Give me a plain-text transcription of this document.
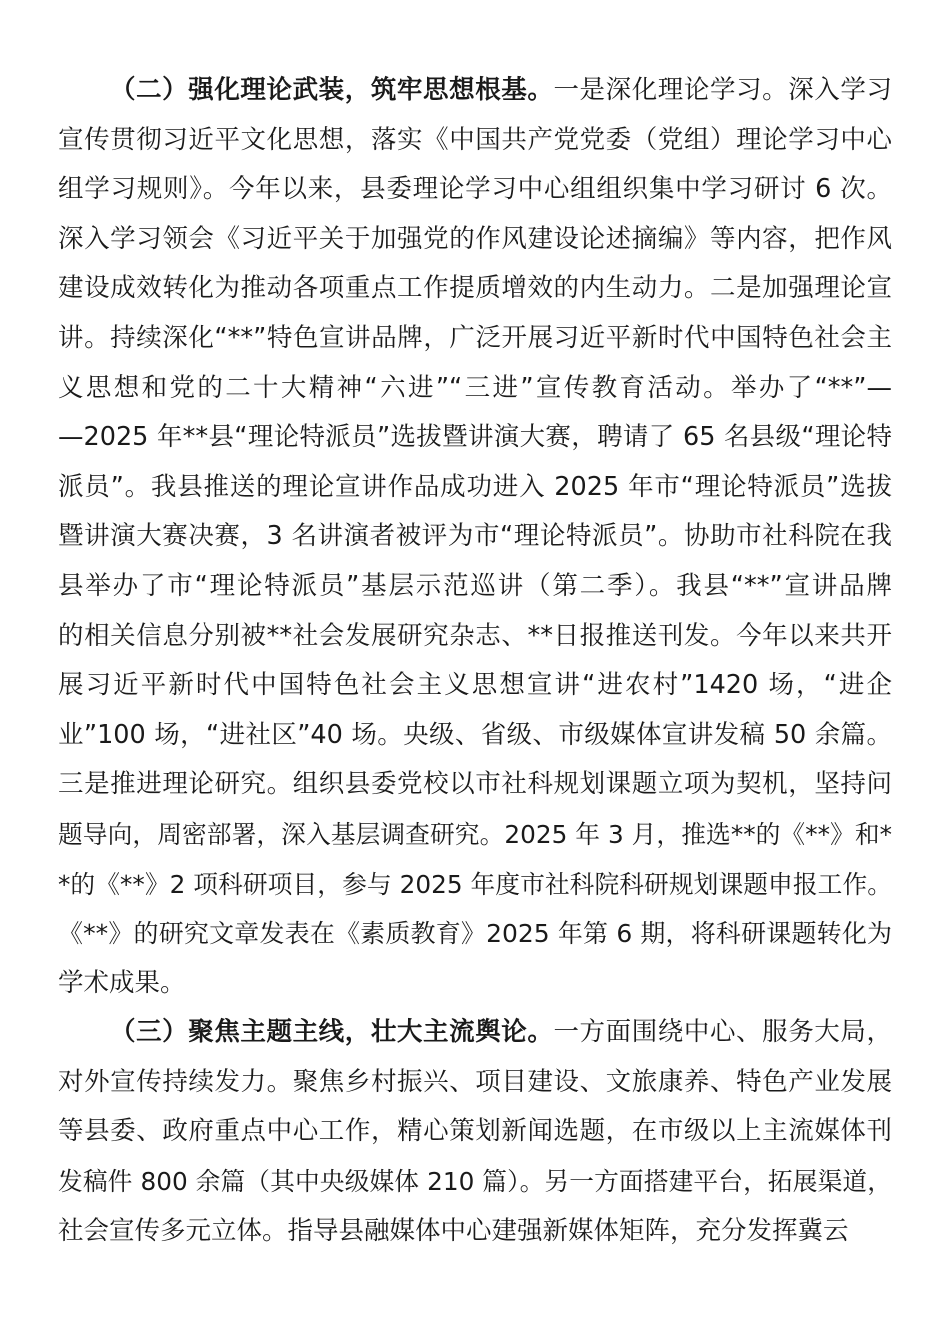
（二）强化理论武装，筑牢思想根基。一是深化理论学习。深入学习
宣传贯彻习近平文化思想，落实《中国共产党党委（党组）理论学习中心
组学习规则》。今年以来，县委理论学习中心组组织集中学习研讨 6 次。
深入学习领会《习近平关于加强党的作风建设论述摘编》等内容，把作风
建设成效转化为推动各项重点工作提质增效的内生动力。二是加强理论宣
讲。持续深化“**”特色宣讲品牌，广泛开展习近平新时代中国特色社会主
义思想和党的二十大精神“六进”“三进”宣传教育活动。举办了“**”—
—2025 年**县“理论特派员”选拔暨讲演大赛，聘请了 65 名县级“理论特
派员”。我县推送的理论宣讲作品成功进入 2025 年市“理论特派员”选拔
暨讲演大赛决赛，3 名讲演者被评为市“理论特派员”。协助市社科院在我
县举办了市“理论特派员”基层示范巡讲（第二季）。我县“**”宣讲品牌
的相关信息分别被**社会发展研究杂志、**日报推送刊发。今年以来共开
展习近平新时代中国特色社会主义思想宣讲“进农村”1420 场，“进企
业”100 场，“进社区”40 场。央级、省级、市级媒体宣讲发稿 50 余篇。
三是推进理论研究。组织县委党校以市社科规划课题立项为契机，坚持问
题导向，周密部署，深入基层调查研究。2025 年 3 月，推选**的《**》和*
*的《**》2 项科研项目，参与 2025 年度市社科院科研规划课题申报工作。
《**》的研究文章发表在《素质教育》2025 年第 6 期，将科研课题转化为
学术成果。
（三）聚焦主题主线，壮大主流舆论。一方面围绕中心、服务大局，
对外宣传持续发力。聚焦乡村振兴、项目建设、文旅康养、特色产业发展
等县委、政府重点中心工作，精心策划新闻选题，在市级以上主流媒体刊
发稿件 800 余篇（其中央级媒体 210 篇）。另一方面搭建平台，拓展渠道，
社会宣传多元立体。指导县融媒体中心建强新媒体矩阵，充分发挥冀云
